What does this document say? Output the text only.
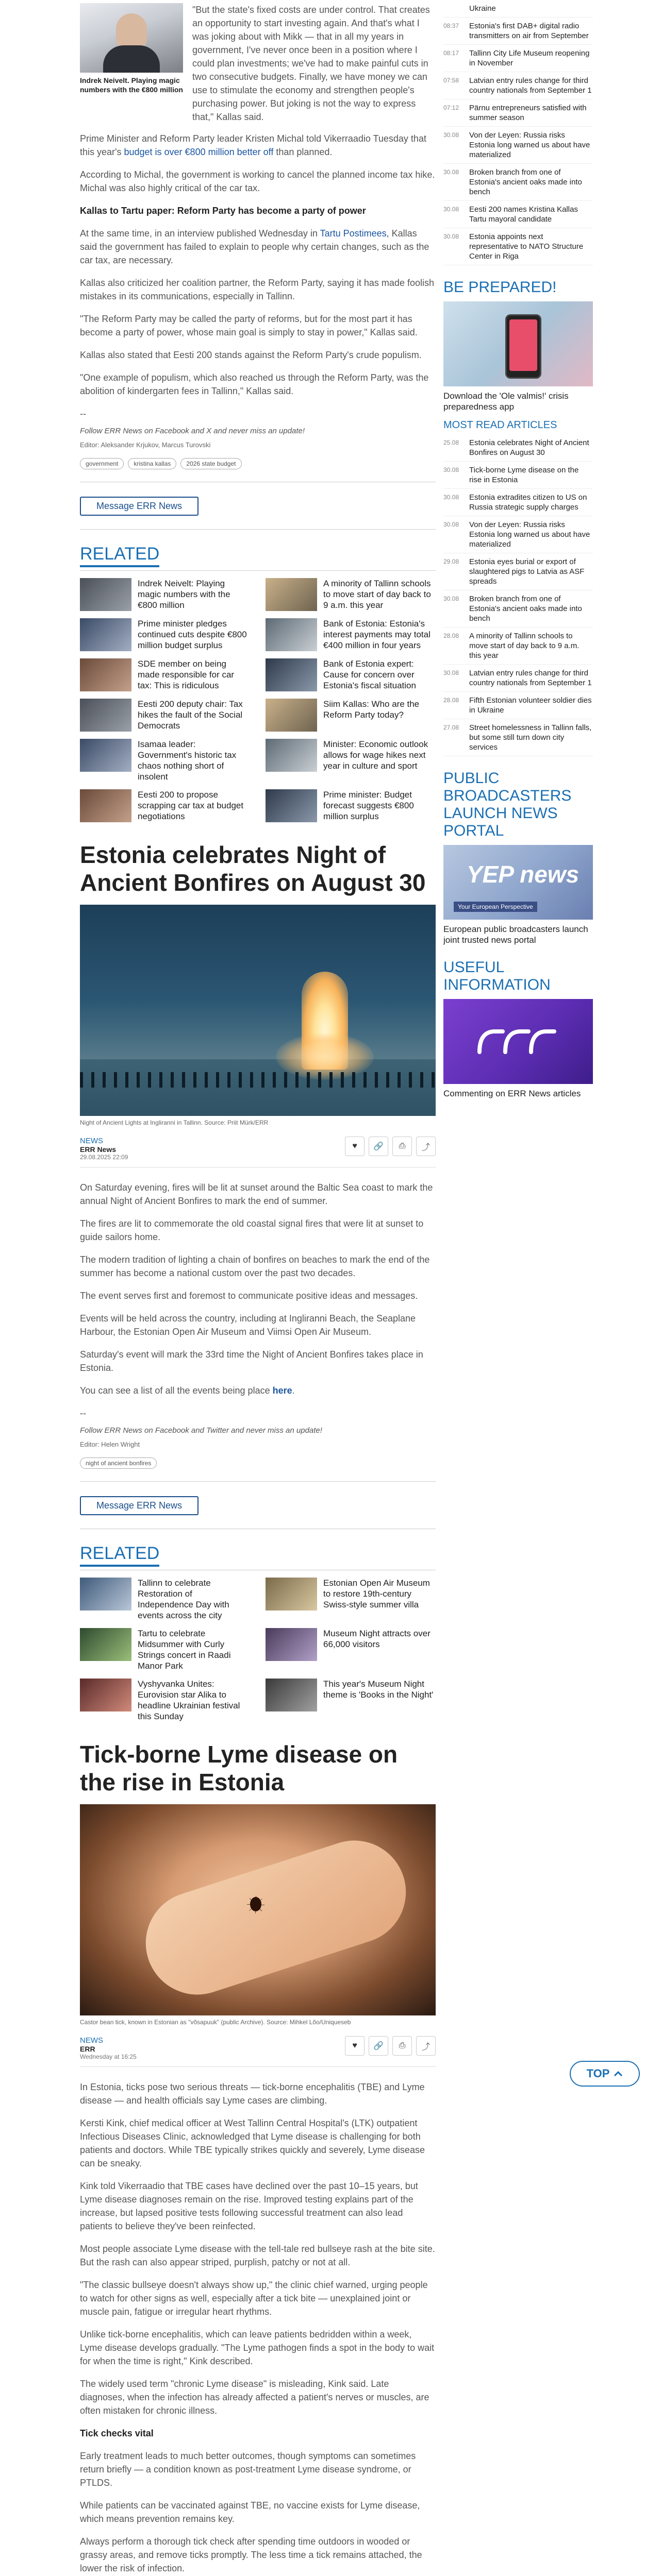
Indrek Neivelt. Playing magic numbers with the €800 million

"But the state's fixed costs are under control. That creates an opportunity to start investing again. And that's what I was joking about with Mikk — that in all my years in government, I've never once been in a position where I could plan investments; we've had to make painful cuts in two consecutive budgets. Finally, we have money we can use to stimulate the economy and strengthen people's purchasing power. But joking is not the way to express that," Kallas said.

Prime Minister and Reform Party leader Kristen Michal told Vikerraadio Tuesday that this year's budget is over €800 million better off than planned.

According to Michal, the government is working to cancel the planned income tax hike. Michal was also highly critical of the car tax.

Kallas to Tartu paper: Reform Party has become a party of power

At the same time, in an interview published Wednesday in Tartu Postimees, Kallas said the government has failed to explain to people why certain changes, such as the car tax, are necessary.

Kallas also criticized her coalition partner, the Reform Party, saying it has made foolish mistakes in its communications, especially in Tallinn.

"The Reform Party may be called the party of reforms, but for the most part it has become a party of power, whose main goal is simply to stay in power," Kallas said.

Kallas also stated that Eesti 200 stands against the Reform Party's crude populism.

"One example of populism, which also reached us through the Reform Party, was the abolition of kindergarten fees in Tallinn," Kallas said.

--

Follow ERR News on Facebook and X and never miss an update!

Editor: Aleksander Krjukov, Marcus Turovski
government	kristina kallas	2026 state budget
Message ERR News
RELATED
Indrek Neivelt: Playing magic numbers with the €800 million
A minority of Tallinn schools to move start of day back to 9 a.m. this year
Prime minister pledges continued cuts despite €800 million budget surplus
Bank of Estonia: Estonia's interest payments may total €400 million in four years
SDE member on being made responsible for car tax: This is ridiculous
Bank of Estonia expert: Cause for concern over Estonia's fiscal situation
Eesti 200 deputy chair: Tax hikes the fault of the Social Democrats
Siim Kallas: Who are the Reform Party today?
Isamaa leader: Government's historic tax chaos nothing short of insolent
Minister: Economic outlook allows for wage hikes next year in culture and sport
Eesti 200 to propose scrapping car tax at budget negotiations
Prime minister: Budget forecast suggests €800 million surplus
Estonia celebrates Night of Ancient Bonfires on August 30
Night of Ancient Lights at Ingliranni in Tallinn. Source: Priit Mürk/ERR
NEWS
ERR News
29.08.2025 22:09
♥	🔗	⎙	⤴

On Saturday evening, fires will be lit at sunset around the Baltic Sea coast to mark the annual Night of Ancient Bonfires to mark the end of summer.

The fires are lit to commemorate the old coastal signal fires that were lit at sunset to guide sailors home.

The modern tradition of lighting a chain of bonfires on beaches to mark the end of the summer has become a national custom over the past two decades.

The event serves first and foremost to communicate positive ideas and messages.

Events will be held across the country, including at Ingliranni Beach, the Seaplane Harbour, the Estonian Open Air Museum and Viimsi Open Air Museum.

Saturday's event will mark the 33rd time the Night of Ancient Bonfires takes place in Estonia.

You can see a list of all the events being place here.

--

Follow ERR News on Facebook and Twitter and never miss an update!

Editor: Helen Wright
night of ancient bonfires
Message ERR News
RELATED
Tallinn to celebrate Restoration of Independence Day with events across the city
Estonian Open Air Museum to restore 19th-century Swiss-style summer villa
Tartu to celebrate Midsummer with Curly Strings concert in Raadi Manor Park
Museum Night attracts over 66,000 visitors
Vyshyvanka Unites: Eurovision star Alika to headline Ukrainian festival this Sunday
This year's Museum Night theme is 'Books in the Night'
Tick-borne Lyme disease on the rise in Estonia
Castor bean tick, known in Estonian as "võsapuuk" (public Archive). Source: Mihkel Lõo/Uniqueseb
NEWS
ERR
Wednesday at 16:25
♥	🔗	⎙	⤴

In Estonia, ticks pose two serious threats — tick-borne encephalitis (TBE) and Lyme disease — and health officials say Lyme cases are climbing.

Kersti Kink, chief medical officer at West Tallinn Central Hospital's (LTK) outpatient Infectious Diseases Clinic, acknowledged that Lyme disease is challenging for both patients and doctors. While TBE typically strikes quickly and severely, Lyme disease can be sneaky.

Kink told Vikerraadio that TBE cases have declined over the past 10–15 years, but Lyme disease diagnoses remain on the rise. Improved testing explains part of the increase, but lapsed positive tests following successful treatment can also lead patients to believe they've been reinfected.

Most people associate Lyme disease with the tell-tale red bullseye rash at the bite site. But the rash can also appear striped, purplish, patchy or not at all.

"The classic bullseye doesn't always show up," the clinic chief warned, urging people to watch for other signs as well, especially after a tick bite — unexplained joint or muscle pain, fatigue or irregular heart rhythms.

Unlike tick-borne encephalitis, which can leave patients bedridden within a week, Lyme disease develops gradually. "The Lyme pathogen finds a spot in the body to wait for when the time is right," Kink described.

The widely used term "chronic Lyme disease" is misleading, Kink said. Late diagnoses, when the infection has already affected a patient's nerves or muscles, are often mistaken for chronic illness.

Tick checks vital

Early treatment leads to much better outcomes, though symptoms can sometimes return briefly — a condition known as post-treatment Lyme disease syndrome, or PTLDS.

While patients can be vaccinated against TBE, no vaccine exists for Lyme disease, which means prevention remains key.

Always perform a thorough tick check after spending time outdoors in wooded or grassy areas, and remove ticks promptly. The less time a tick remains attached, the lower the risk of infection.

Ukraine
08:37	Estonia's first DAB+ digital radio transmitters on air from September
08:17	Tallinn City Life Museum reopening in November
07:58	Latvian entry rules change for third country nationals from September 1
07:12	Pärnu entrepreneurs satisfied with summer season
30.08	Von der Leyen: Russia risks Estonia long warned us about have materialized
30.08	Broken branch from one of Estonia's ancient oaks made into bench
30.08	Eesti 200 names Kristina Kallas Tartu mayoral candidate
30.08	Estonia appoints next representative to NATO Structure Center in Riga
BE PREPARED!
Download the 'Ole valmis!' crisis preparedness app
MOST READ ARTICLES
25.08	Estonia celebrates Night of Ancient Bonfires on August 30
30.08	Tick-borne Lyme disease on the rise in Estonia
30.08	Estonia extradites citizen to US on Russia strategic supply charges
30.08	Von der Leyen: Russia risks Estonia long warned us about have materialized
29.08	Estonia eyes burial or export of slaughtered pigs to Latvia as ASF spreads
30.08	Broken branch from one of Estonia's ancient oaks made into bench
28.08	A minority of Tallinn schools to move start of day back to 9 a.m. this year
30.08	Latvian entry rules change for third country nationals from September 1
28.08	Fifth Estonian volunteer soldier dies in Ukraine
27.08	Street homelessness in Tallinn falls, but some still turn down city services
PUBLIC BROADCASTERS LAUNCH NEWS PORTAL
YEP news
Your European Perspective
European public broadcasters launch joint trusted news portal
USEFUL INFORMATION
Commenting on ERR News articles
TOP
